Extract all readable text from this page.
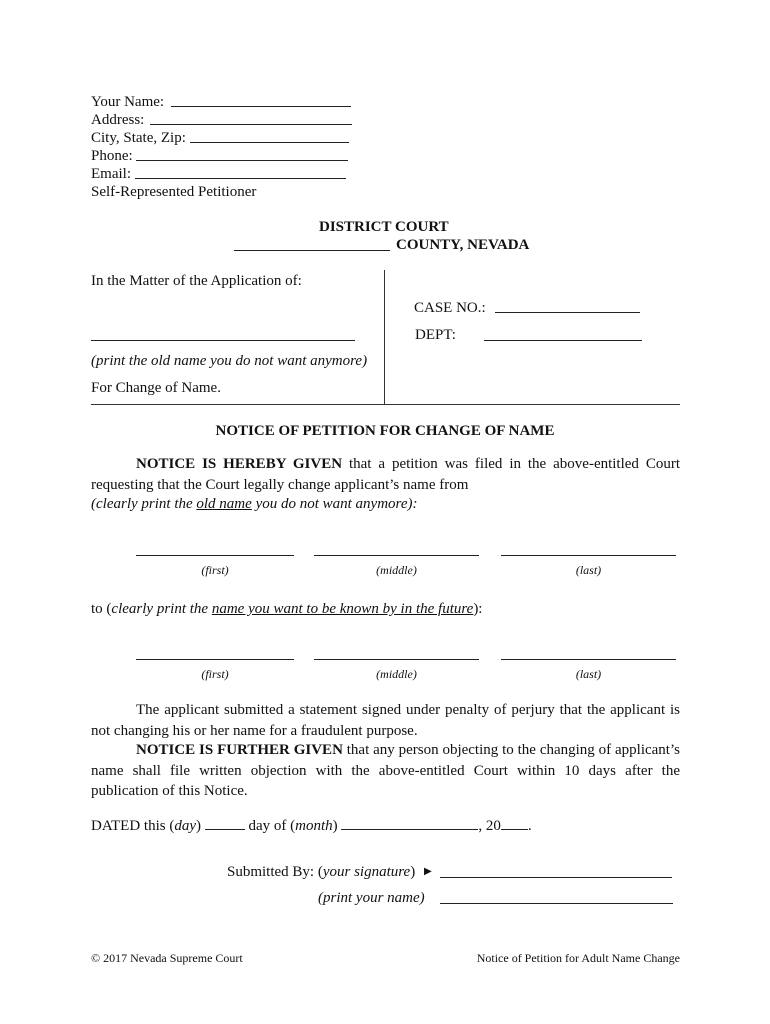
Your Name:
Address:
City, State, Zip:
Phone:
Email:
Self-Represented Petitioner
DISTRICT COURT
COUNTY, NEVADA
In the Matter of the Application of:
(print the old name you do not want anymore)
For Change of Name.
CASE NO.:
DEPT:
NOTICE OF PETITION FOR CHANGE OF NAME
NOTICE IS HEREBY GIVEN that a petition was filed in the above-entitled Court requesting that the Court legally change applicant’s name from
(clearly print the old name you do not want anymore):
(first)	(middle)	(last)
to (clearly print the name you want to be known by in the future):
(first)	(middle)	(last)
The applicant submitted a statement signed under penalty of perjury that the applicant is not changing his or her name for a fraudulent purpose.
NOTICE IS FURTHER GIVEN that any person objecting to the changing of applicant’s name shall file written objection with the above-entitled Court within 10 days after the publication of this Notice.
DATED this (day)	day of (month)	, 20 .
Submitted By: (your signature) ▶
(print your name)
© 2017 Nevada Supreme Court	Notice of Petition for Adult Name Change
